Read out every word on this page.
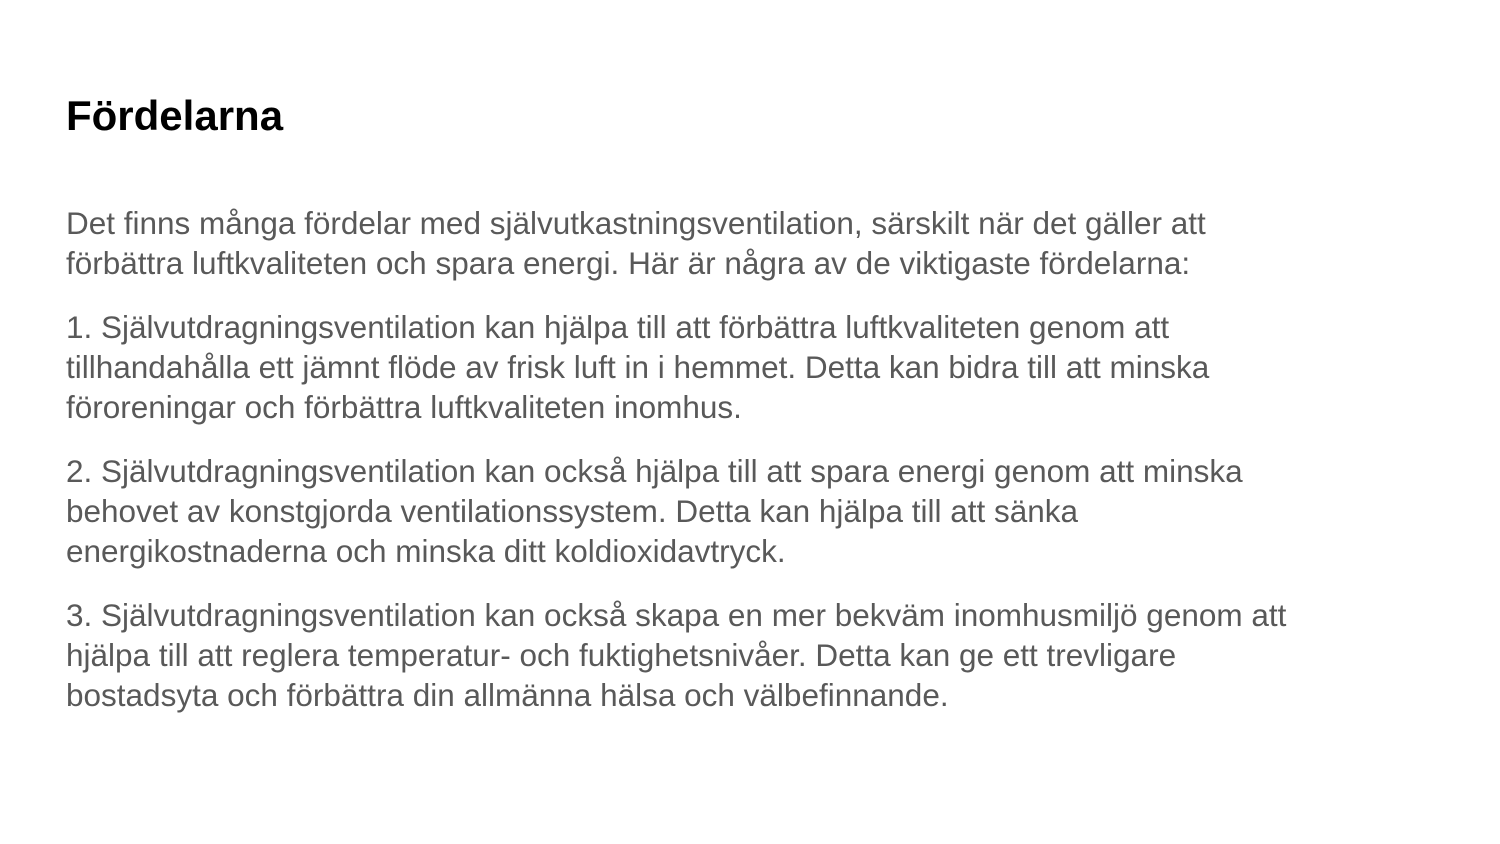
Fördelarna

Det finns många fördelar med självutkastningsventilation, särskilt när det gäller att
förbättra luftkvaliteten och spara energi. Här är några av de viktigaste fördelarna:

1. Självutdragningsventilation kan hjälpa till att förbättra luftkvaliteten genom att
tillhandahålla ett jämnt flöde av frisk luft in i hemmet. Detta kan bidra till att minska
föroreningar och förbättra luftkvaliteten inomhus.

2. Självutdragningsventilation kan också hjälpa till att spara energi genom att minska
behovet av konstgjorda ventilationssystem. Detta kan hjälpa till att sänka
energikostnaderna och minska ditt koldioxidavtryck.

3. Självutdragningsventilation kan också skapa en mer bekväm inomhusmiljö genom att
hjälpa till att reglera temperatur- och fuktighetsnivåer. Detta kan ge ett trevligare
bostadsyta och förbättra din allmänna hälsa och välbefinnande.
